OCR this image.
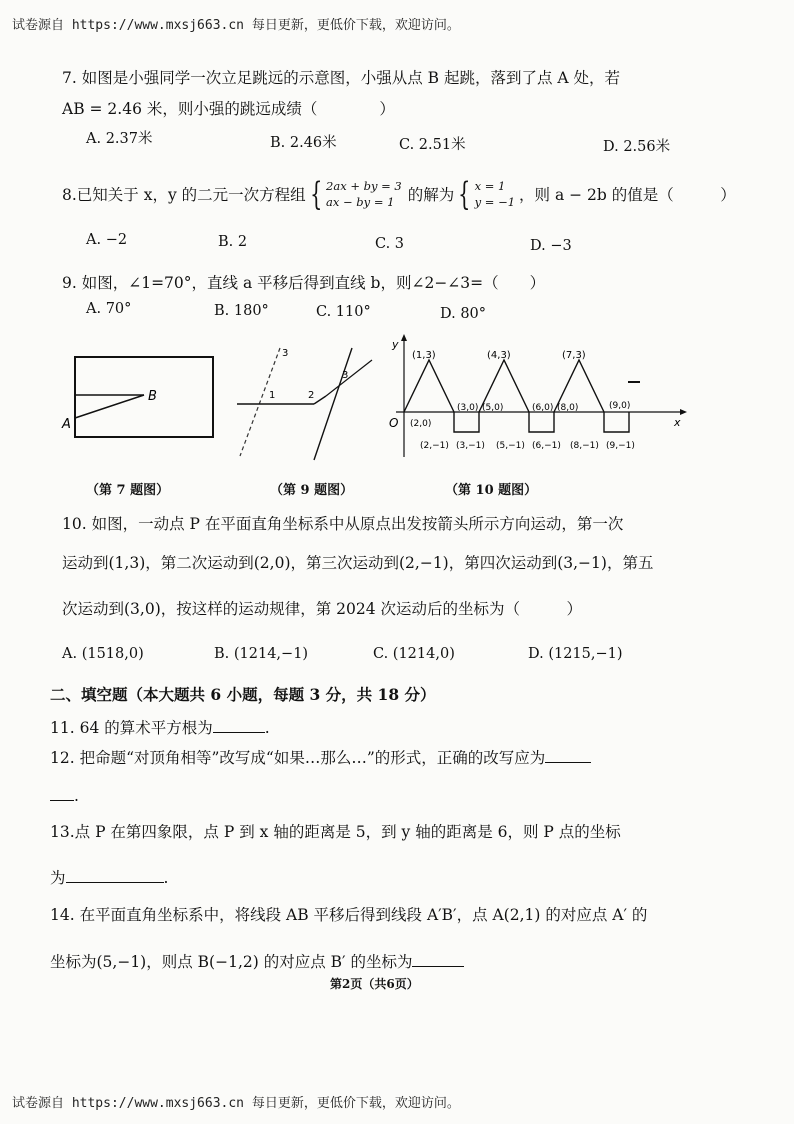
试卷源自 https://www.mxsj663.cn 每日更新，更低价下载，欢迎访问。
7. 如图是小强同学一次立足跳远的示意图，小强从点 B 起跳，落到了点 A 处，若
AB = 2.46 米，则小强的跳远成绩（　　　　）
A. 2.37米	B. 2.46米	C. 2.51米	D. 2.56米
8.已知关于 x，y 的二元一次方程组 { 2ax + by = 3
ax − by = 1 的解为 { x = 1
y = −1 ，则 a − 2b 的值是（　　　）
A. −2	B. 2	C. 3	D. −3
9. 如图，∠1=70°，直线 a 平移后得到直线 b，则∠2−∠3=（　　）
A. 70°	B. 180°	C. 110°	D. 80°
A
B
（第 7 题图）
3
1	2
3
（第 9 题图）
y
x
O
(1,3)	(4,3)	(7,3)
(2,0)
(3,0) (5,0)	(6,0) (8,0)	(9,0)
(2,−1) (3,−1) (5,−1) (6,−1) (8,−1) (9,−1)
（第 10 题图）
10. 如图，一动点 P 在平面直角坐标系中从原点出发按箭头所示方向运动，第一次
运动到(1,3)，第二次运动到(2,0)，第三次运动到(2,−1)，第四次运动到(3,−1)，第五
次运动到(3,0)，按这样的运动规律，第 2024 次运动后的坐标为（　　　）
A. (1518,0)	B. (1214,−1)	C. (1214,0)	D. (1215,−1)
二、填空题（本大题共 6 小题，每题 3 分，共 18 分）
11. 64 的算术平方根为	.
12. 把命题“对顶角相等”改写成“如果…那么…”的形式，正确的改写应为
.
13.点 P 在第四象限，点 P 到 x 轴的距离是 5，到 y 轴的距离是 6，则 P 点的坐标
为	.
14. 在平面直角坐标系中，将线段 AB 平移后得到线段 A′B′，点 A(2,1) 的对应点 A′ 的
坐标为(5,−1)，则点 B(−1,2) 的对应点 B′ 的坐标为
第2页（共6页）
试卷源自 https://www.mxsj663.cn 每日更新，更低价下载，欢迎访问。
